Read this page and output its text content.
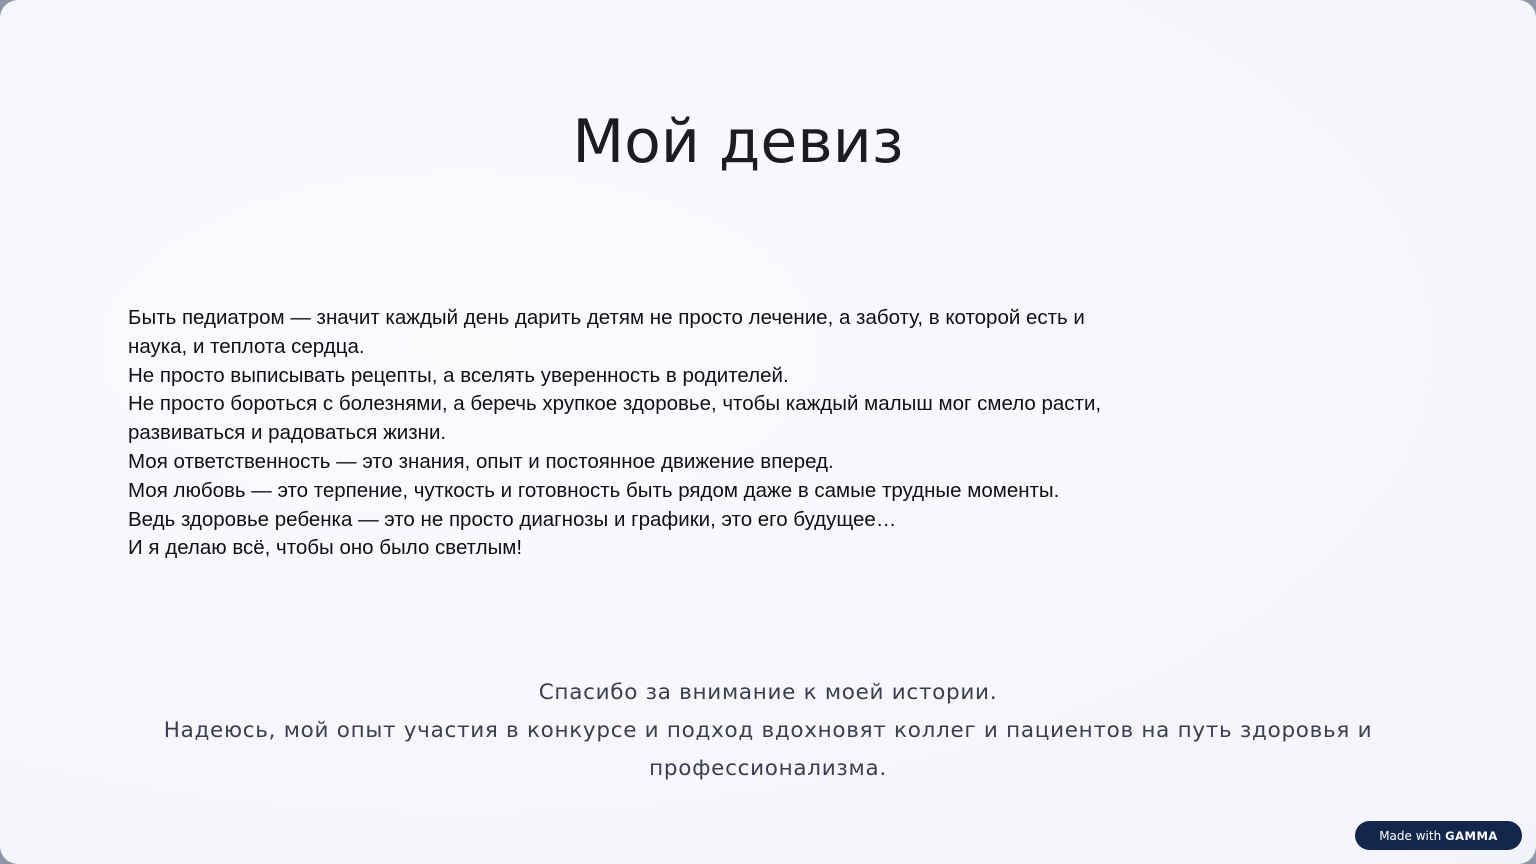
Мой девиз

Быть педиатром — значит каждый день дарить детям не просто лечение, а заботу, в которой есть и наука, и теплота сердца.

Не просто выписывать рецепты, а вселять уверенность в родителей.

Не просто бороться с болезнями, а беречь хрупкое здоровье, чтобы каждый малыш мог смело расти, развиваться и радоваться жизни.

Моя ответственность — это знания, опыт и постоянное движение вперед.

Моя любовь — это терпение, чуткость и готовность быть рядом даже в самые трудные моменты.

Ведь здоровье ребенка — это не просто диагнозы и графики, это его будущее…

И я делаю всё, чтобы оно было светлым!

Спасибо за внимание к моей истории.

Надеюсь, мой опыт участия в конкурсе и подход вдохновят коллег и пациентов на путь здоровья и профессионализма.

Made with GAMMA
